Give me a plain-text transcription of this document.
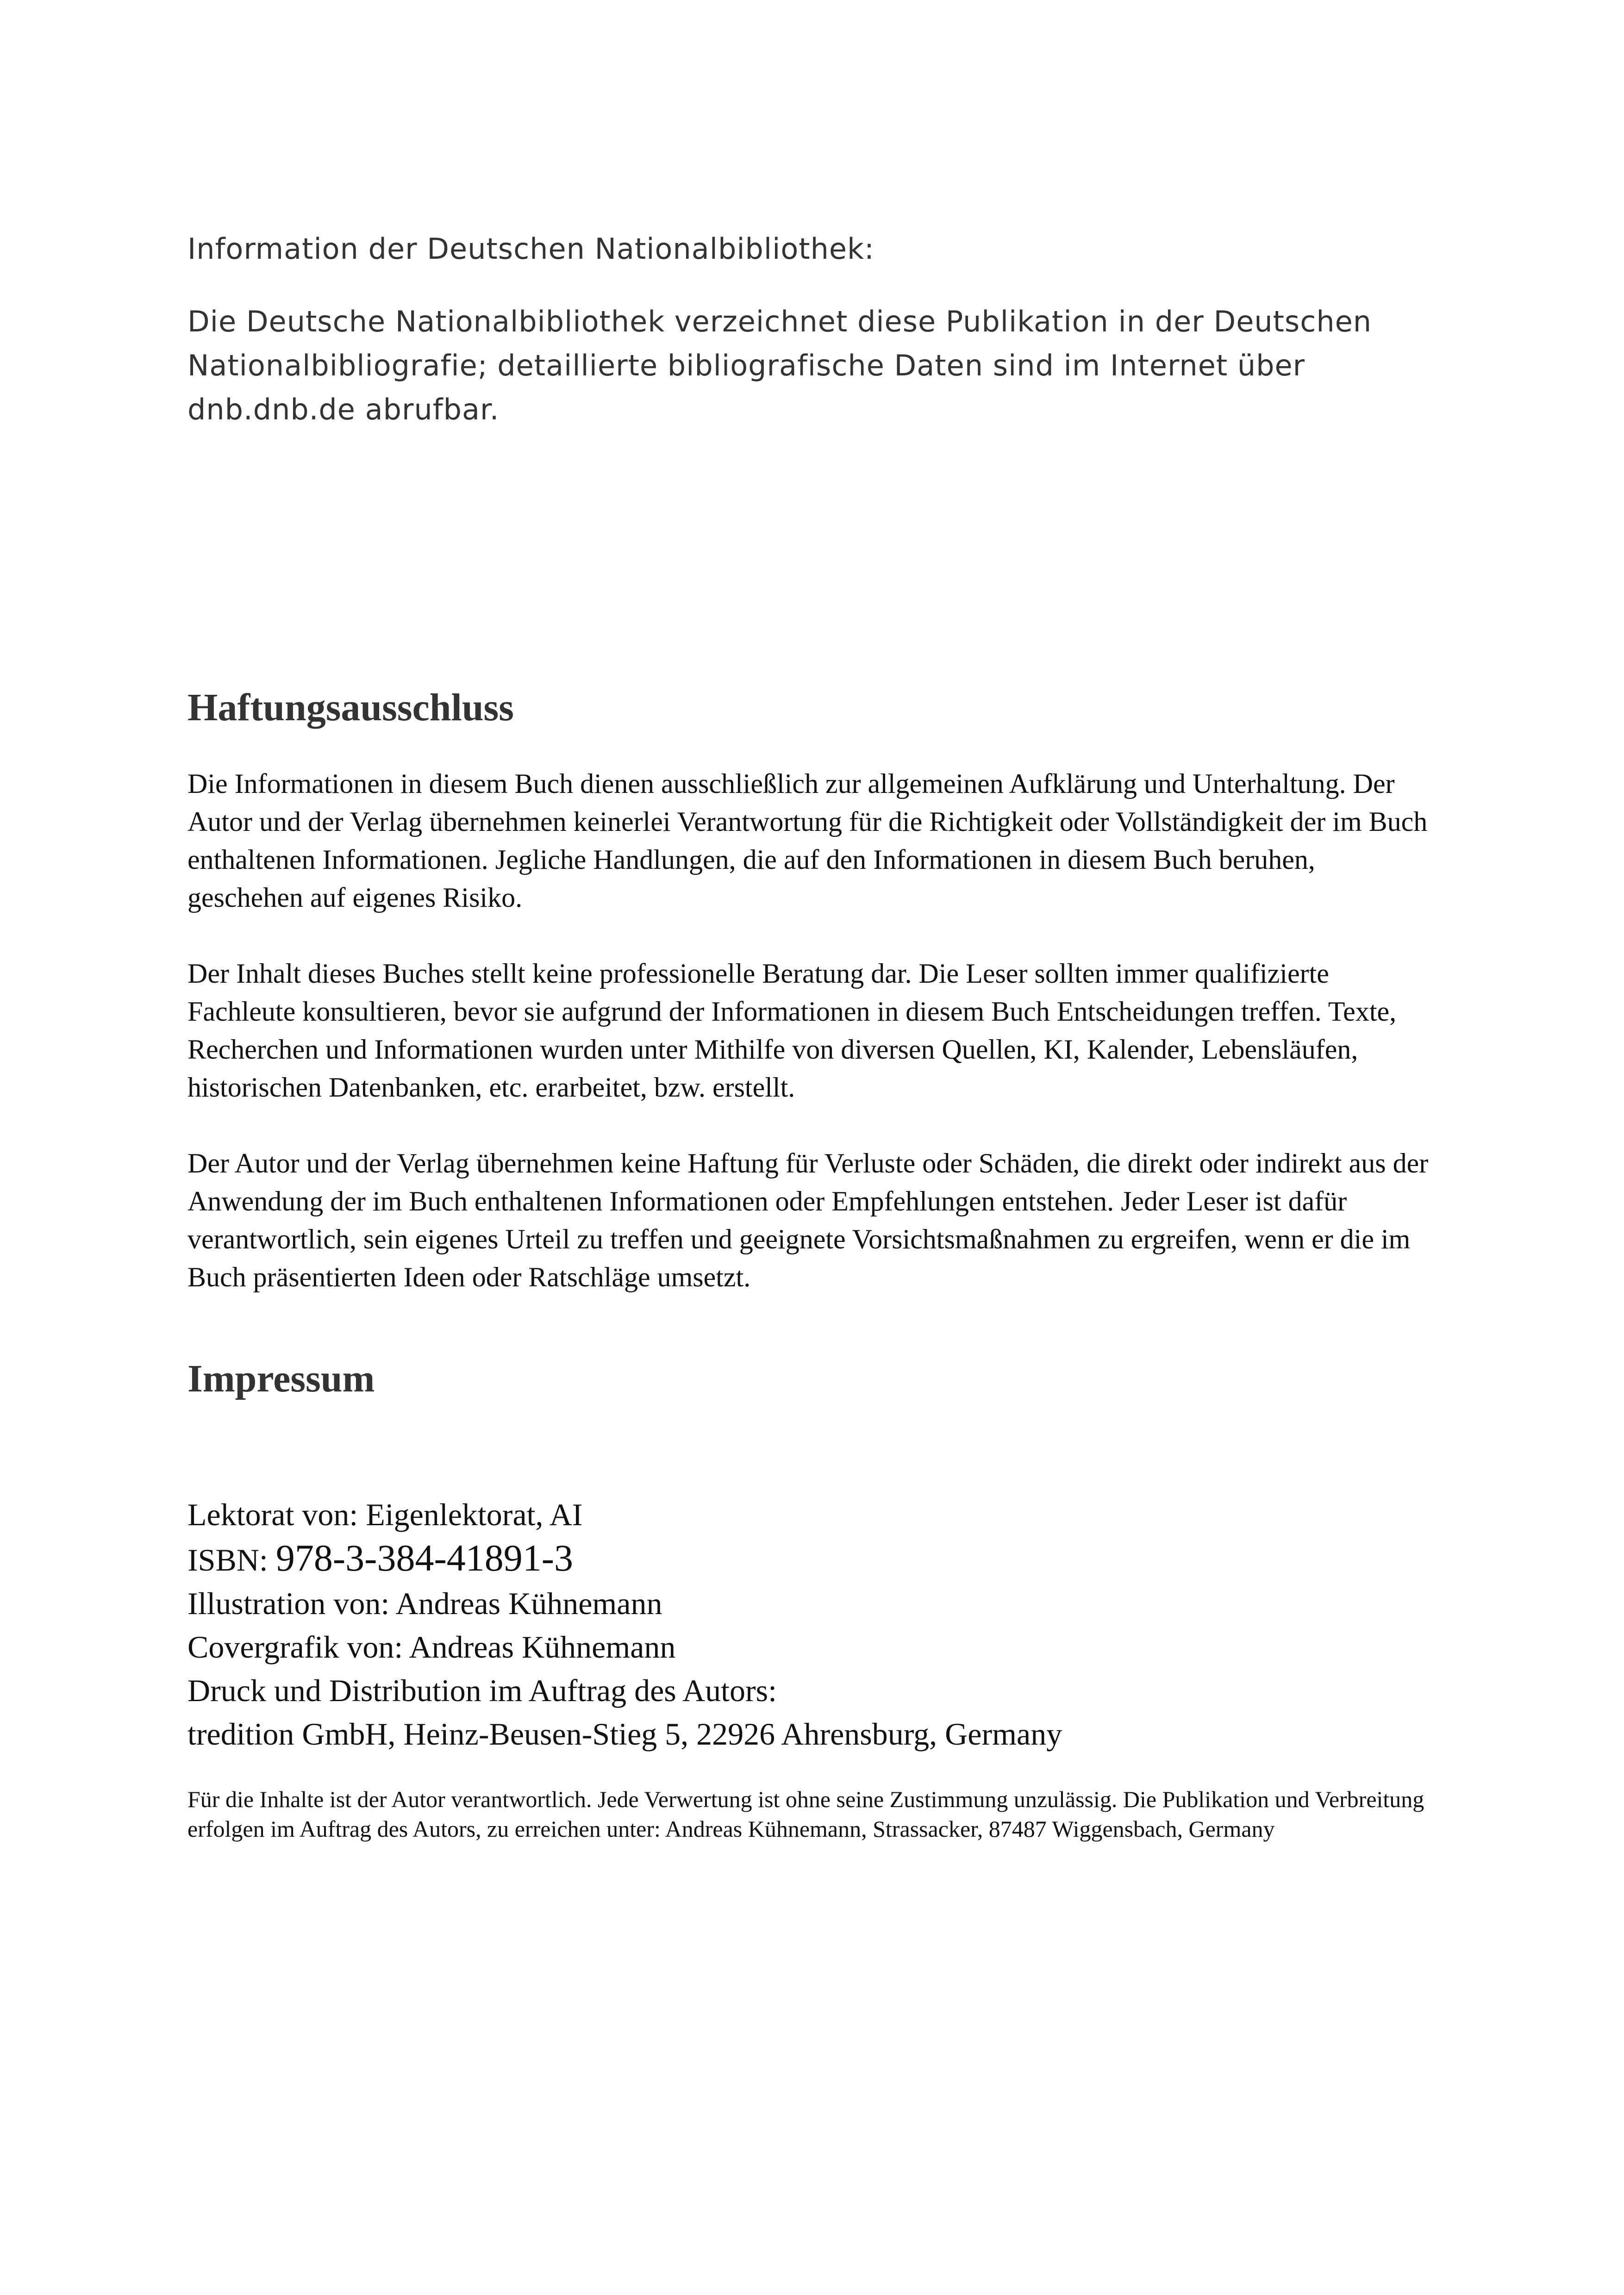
Information der Deutschen Nationalbibliothek:

Die Deutsche Nationalbibliothek verzeichnet diese Publikation in der Deutschen Nationalbibliografie; detaillierte bibliografische Daten sind im Internet über dnb.dnb.de abrufbar.

Haftungsausschluss

Die Informationen in diesem Buch dienen ausschließlich zur allgemeinen Aufklärung und Unterhaltung. Der Autor und der Verlag übernehmen keinerlei Verantwortung für die Richtigkeit oder Vollständigkeit der im Buch enthaltenen Informationen. Jegliche Handlungen, die auf den Informationen in diesem Buch beruhen, geschehen auf eigenes Risiko.

Der Inhalt dieses Buches stellt keine professionelle Beratung dar. Die Leser sollten immer qualifizierte Fachleute konsultieren, bevor sie aufgrund der Informationen in diesem Buch Entscheidungen treffen. Texte, Recherchen und Informationen wurden unter Mithilfe von diversen Quellen, KI, Kalender, Lebensläufen, historischen Datenbanken, etc. erarbeitet, bzw. erstellt.

Der Autor und der Verlag übernehmen keine Haftung für Verluste oder Schäden, die direkt oder indirekt aus der Anwendung der im Buch enthaltenen Informationen oder Empfehlungen entstehen. Jeder Leser ist dafür verantwortlich, sein eigenes Urteil zu treffen und geeignete Vorsichtsmaßnahmen zu ergreifen, wenn er die im Buch präsentierten Ideen oder Ratschläge umsetzt.

Impressum
Lektorat von: Eigenlektorat, AI
ISBN: 978-3-384-41891-3
Illustration von: Andreas Kühnemann
Covergrafik von: Andreas Kühnemann
Druck und Distribution im Auftrag des Autors:
tredition GmbH, Heinz-Beusen-Stieg 5, 22926 Ahrensburg, Germany

Für die Inhalte ist der Autor verantwortlich. Jede Verwertung ist ohne seine Zustimmung unzulässig. Die Publikation und Verbreitung erfolgen im Auftrag des Autors, zu erreichen unter: Andreas Kühnemann, Strassacker, 87487 Wiggensbach, Germany
